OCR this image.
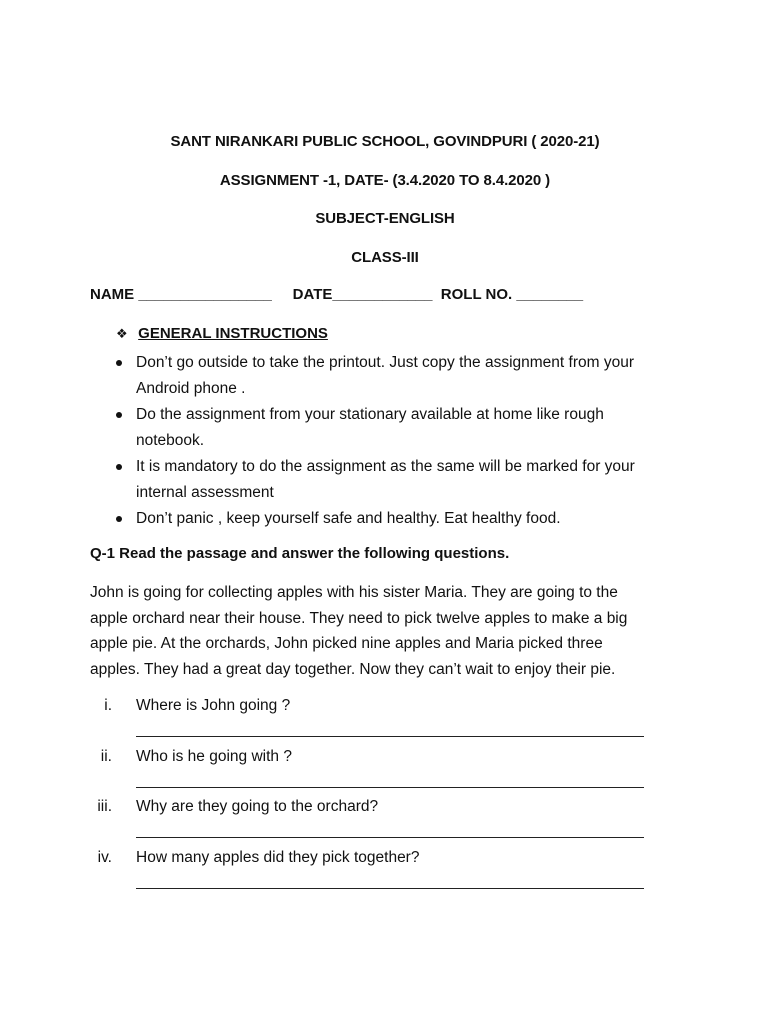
SANT NIRANKARI PUBLIC SCHOOL, GOVINDPURI ( 2020-21)
ASSIGNMENT -1, DATE- (3.4.2020 TO 8.4.2020 )
SUBJECT-ENGLISH
CLASS-III
NAME ________________     DATE____________  ROLL NO. ________
❖ GENERAL INSTRUCTIONS
Don’t go outside to take the printout. Just copy the assignment from your
Android phone .
Do the assignment from your stationary available at home like rough
notebook.
It is mandatory to do the assignment as the same will be marked for your
internal assessment
Don’t panic , keep yourself safe and healthy. Eat healthy food.
Q-1 Read the passage and answer the following questions.
John is going for collecting apples with his sister Maria. They are going to the
apple orchard near their house. They need to pick twelve apples to make a big
apple pie. At the orchards, John picked nine apples and Maria picked three
apples. They had a great day together. Now they can’t wait to enjoy their pie.
i. Where is John going ?
ii. Who is he going with ?
iii. Why are they going to the orchard?
iv. How many apples did they pick together?
